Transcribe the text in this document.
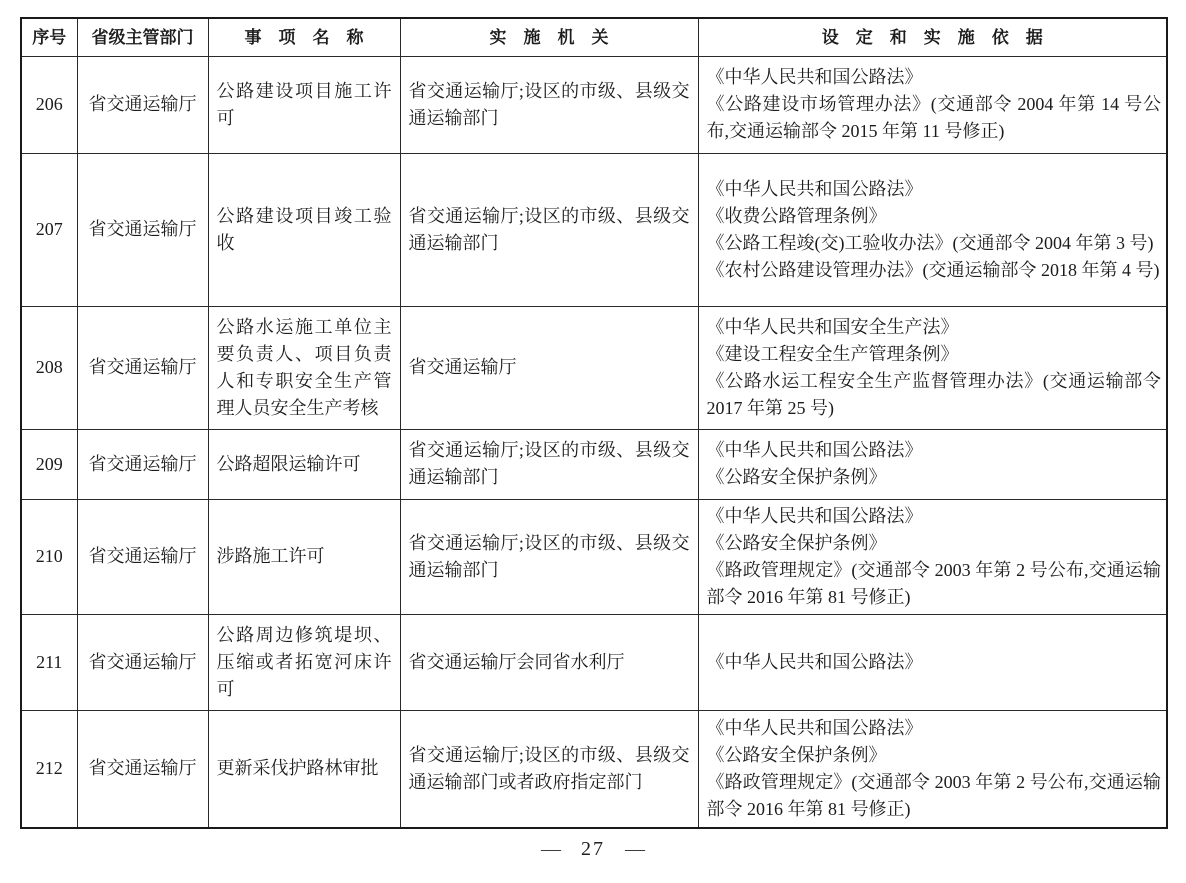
序号	省级主管部门	事　项　名　称	实　施　机　关	设　定　和　实　施　依　据
206	省交通运输厅	公路建设项目施工许可	省交通运输厅;设区的市级、县级交通运输部门	《中华人民共和国公路法》
《公路建设市场管理办法》(交通部令 2004 年第 14 号公布,交通运输部令 2015 年第 11 号修正)

207	省交通运输厅	公路建设项目竣工验收	省交通运输厅;设区的市级、县级交通运输部门	《中华人民共和国公路法》
《收费公路管理条例》
《公路工程竣(交)工验收办法》(交通部令 2004 年第 3 号)
《农村公路建设管理办法》(交通运输部令 2018 年第 4 号)

208	省交通运输厅	公路水运施工单位主要负责人、项目负责人和专职安全生产管理人员安全生产考核	省交通运输厅	《中华人民共和国安全生产法》
《建设工程安全生产管理条例》
《公路水运工程安全生产监督管理办法》(交通运输部令 2017 年第 25 号)

209	省交通运输厅	公路超限运输许可	省交通运输厅;设区的市级、县级交通运输部门	《中华人民共和国公路法》
《公路安全保护条例》

210	省交通运输厅	涉路施工许可	省交通运输厅;设区的市级、县级交通运输部门	《中华人民共和国公路法》
《公路安全保护条例》
《路政管理规定》(交通部令 2003 年第 2 号公布,交通运输部令 2016 年第 81 号修正)

211	省交通运输厅	公路周边修筑堤坝、压缩或者拓宽河床许可	省交通运输厅会同省水利厅	《中华人民共和国公路法》

212	省交通运输厅	更新采伐护路林审批	省交通运输厅;设区的市级、县级交通运输部门或者政府指定部门	《中华人民共和国公路法》
《公路安全保护条例》
《路政管理规定》(交通部令 2003 年第 2 号公布,交通运输部令 2016 年第 81 号修正)
— 27 —
